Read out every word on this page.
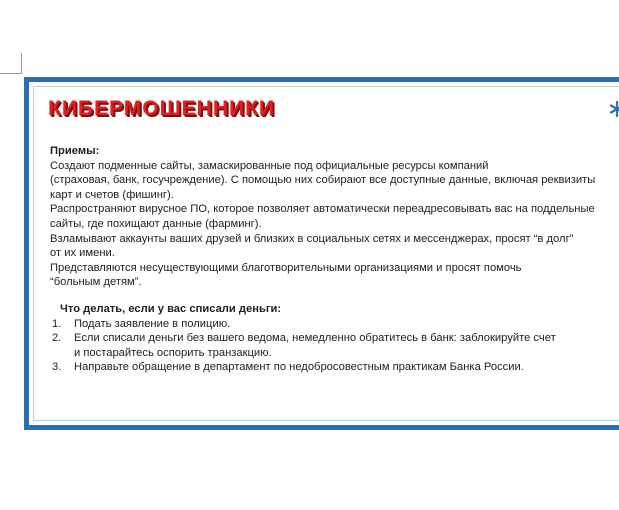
КИБЕРМОШЕННИКИ

Приемы:

Создают подменные сайты, замаскированные под официальные ресурсы компаний

(страховая, банк, госучреждение). С помощью них собирают все доступные данные, включая реквизиты

карт и счетов (фишинг).

Распространяют вирусное ПО, которое позволяет автоматически переадресовывать вас на поддельные

сайты, где похищают данные (фарминг).

Взламывают аккаунты ваших друзей и близких в социальных сетях и мессенджерах, просят “в долг”

от их имени.

Представляются несуществующими благотворительными организациями и просят помочь

“больным детям”.

Что делать, если у вас списали деньги:

1. Подать заявление в полицию.
2. Если списали деньги без вашего ведома, немедленно обратитесь в банк: заблокируйте счет
и постарайтесь оспорить транзакцию.
3. Направьте обращение в департамент по недобросовестным практикам Банка России.
